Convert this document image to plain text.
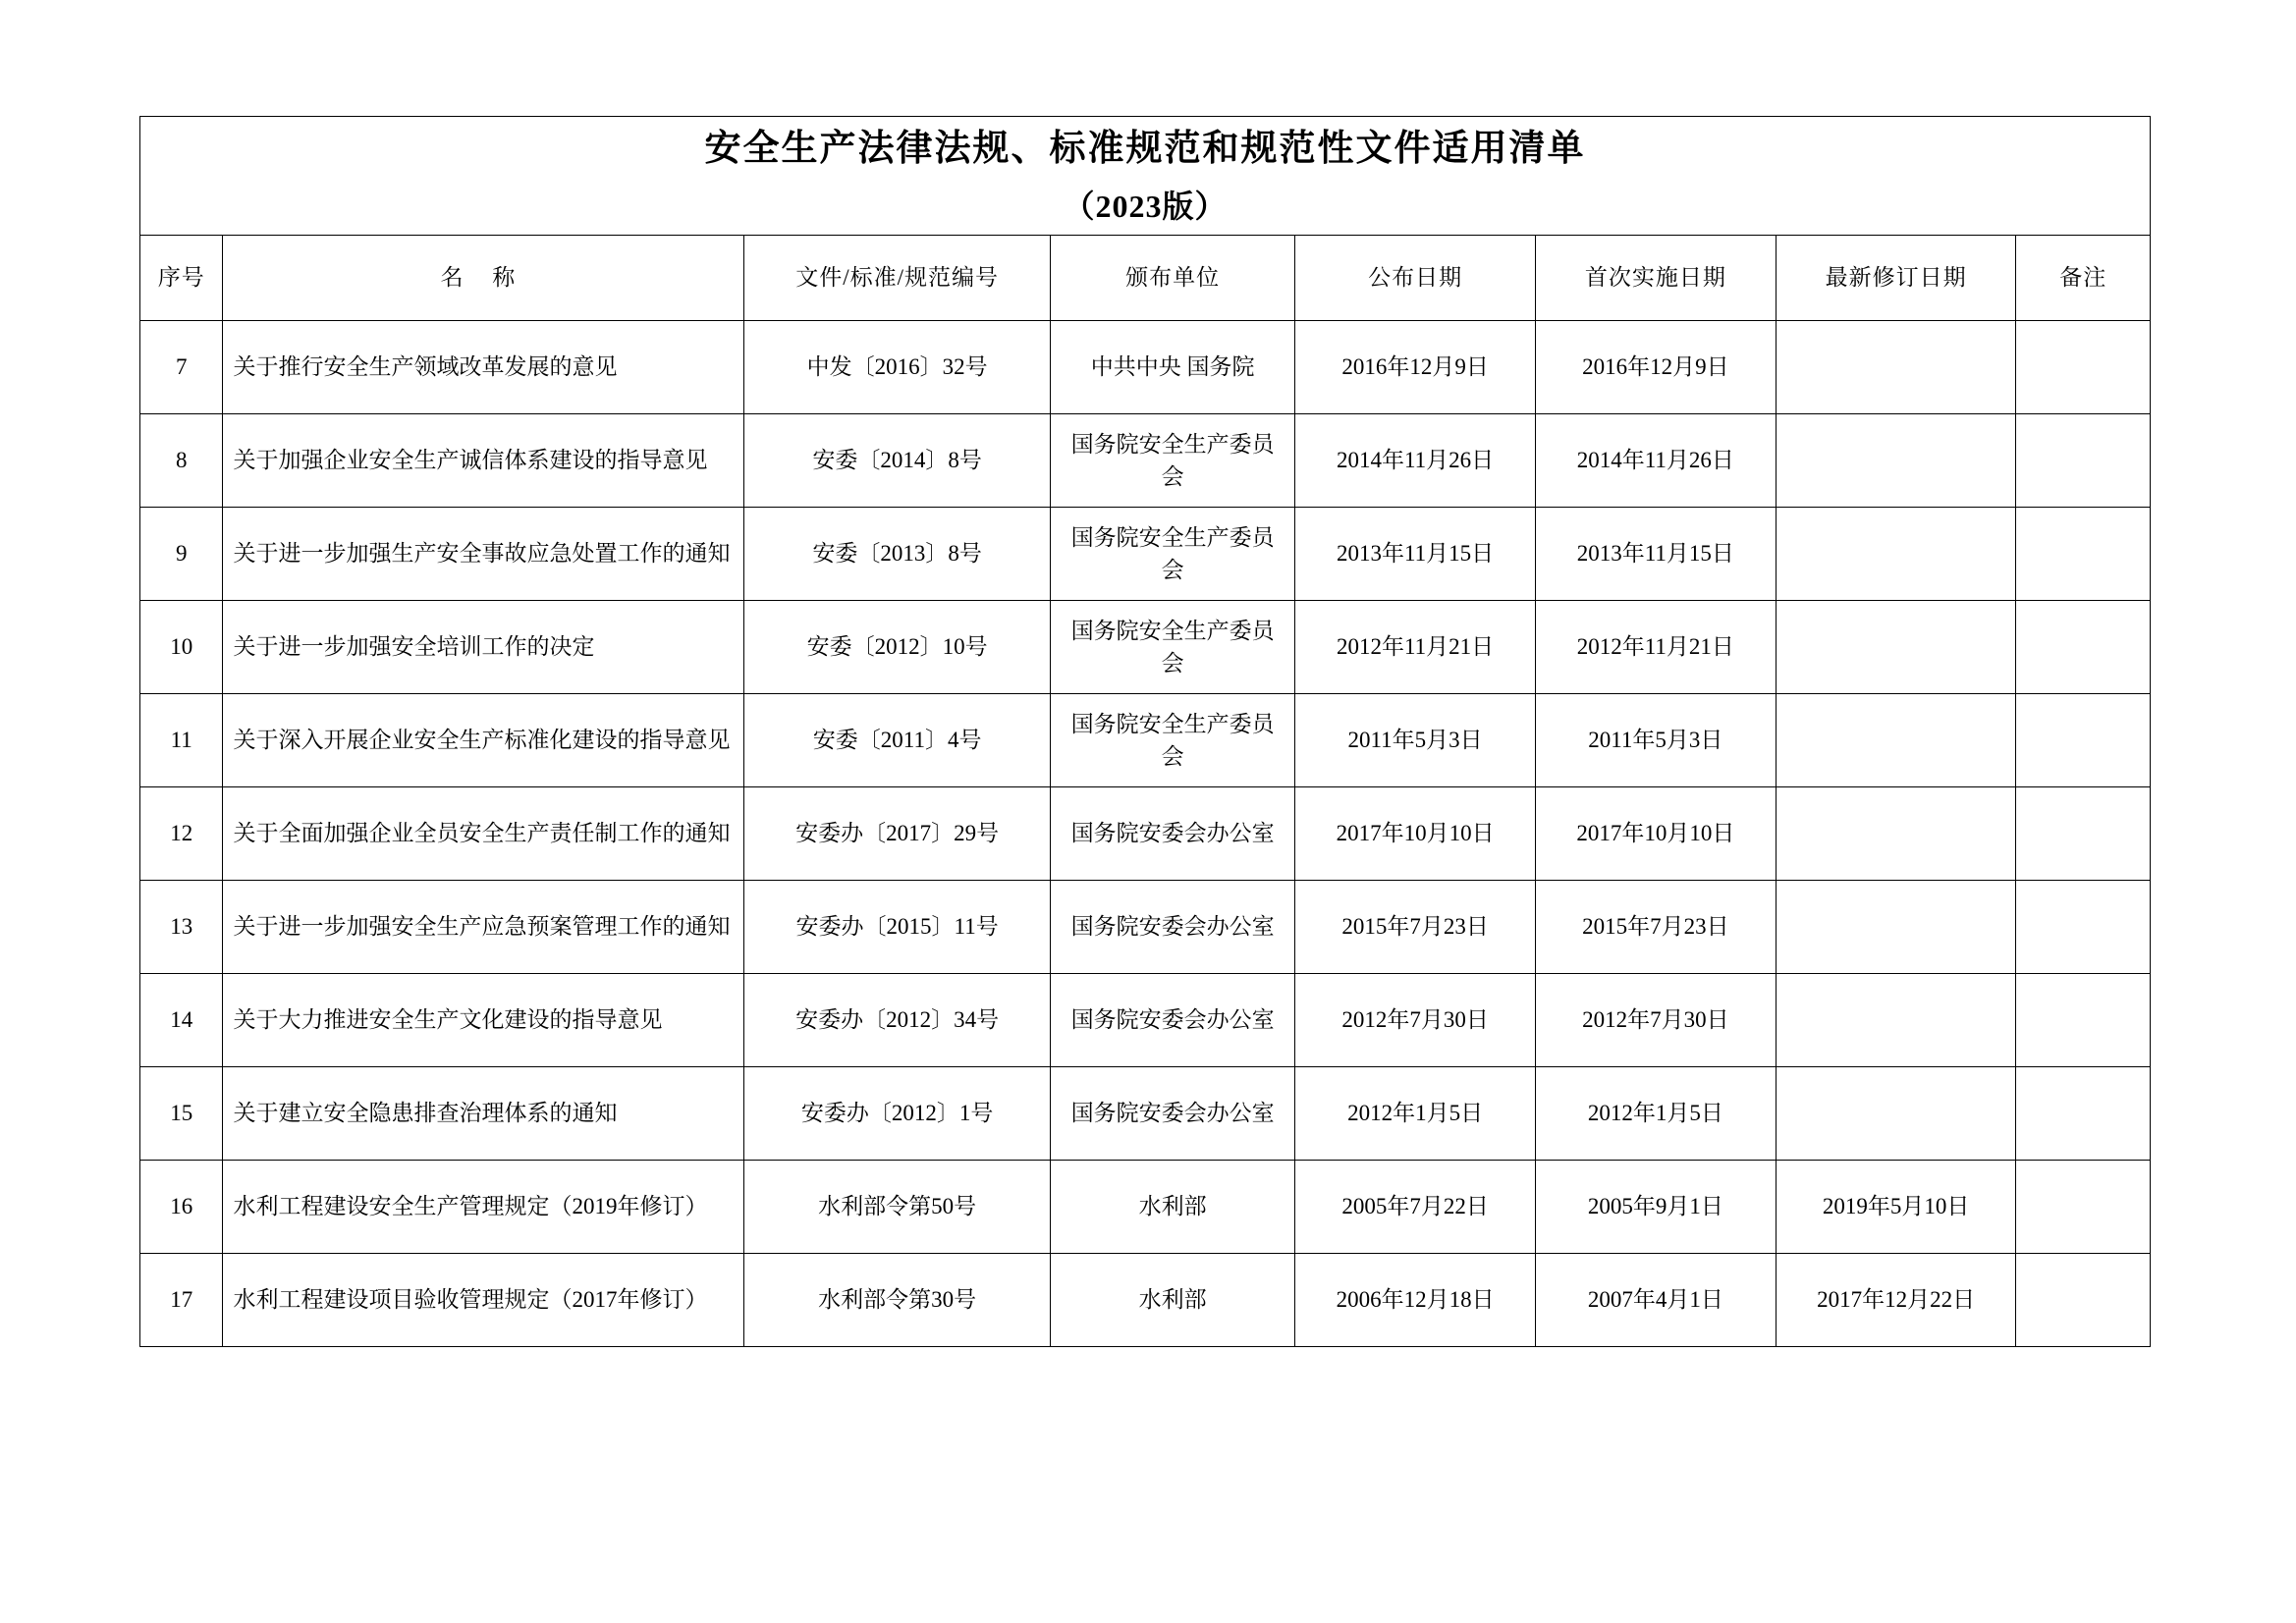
安全生产法律法规、标准规范和规范性文件适用清单
（2023版）							

序号	名 称	文件/标准/规范编号	颁布单位	公布日期	首次实施日期	最新修订日期	备注
7	关于推行安全生产领域改革发展的意见	中发〔2016〕32号	中共中央 国务院	2016年12月9日	2016年12月9日		
8	关于加强企业安全生产诚信体系建设的指导意见	安委〔2014〕8号	国务院安全生产委员会	2014年11月26日	2014年11月26日		
9	关于进一步加强生产安全事故应急处置工作的通知	安委〔2013〕8号	国务院安全生产委员会	2013年11月15日	2013年11月15日		
10	关于进一步加强安全培训工作的决定	安委〔2012〕10号	国务院安全生产委员会	2012年11月21日	2012年11月21日		
11	关于深入开展企业安全生产标准化建设的指导意见	安委〔2011〕4号	国务院安全生产委员会	2011年5月3日	2011年5月3日		
12	关于全面加强企业全员安全生产责任制工作的通知	安委办〔2017〕29号	国务院安委会办公室	2017年10月10日	2017年10月10日		
13	关于进一步加强安全生产应急预案管理工作的通知	安委办〔2015〕11号	国务院安委会办公室	2015年7月23日	2015年7月23日		
14	关于大力推进安全生产文化建设的指导意见	安委办〔2012〕34号	国务院安委会办公室	2012年7月30日	2012年7月30日		
15	关于建立安全隐患排查治理体系的通知	安委办〔2012〕1号	国务院安委会办公室	2012年1月5日	2012年1月5日		
16	水利工程建设安全生产管理规定（2019年修订）	水利部令第50号	水利部	2005年7月22日	2005年9月1日	2019年5月10日	
17	水利工程建设项目验收管理规定（2017年修订）	水利部令第30号	水利部	2006年12月18日	2007年4月1日	2017年12月22日	
